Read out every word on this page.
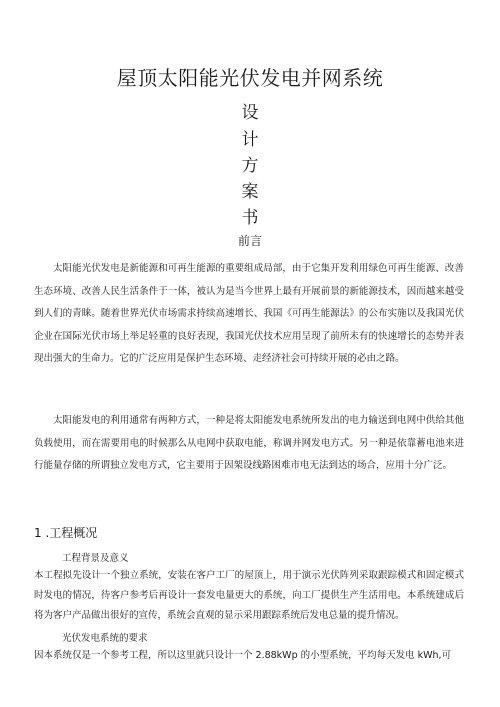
屋顶太阳能光伏发电并网系统
设
计
方
案
书
前言

太阳能光伏发电是新能源和可再生能源的重要组成局部，由于它集开发利用绿色可再生能源、改善生态环境、改善人民生活条件于一体，被认为是当今世界上最有开展前景的新能源技术，因而越来越受到人们的青睐。随着世界光伏市场需求持续高速增长、我国《可再生能源法》的公布实施以及我国光伏企业在国际光伏市场上举足轻重的良好表现，我国光伏技术应用呈现了前所未有的快速增长的态势并表现出强大的生命力。它的广泛应用是保护生态环境、走经济社会可持续开展的必由之路。

太阳能发电的利用通常有两种方式，一种是将太阳能发电系统所发出的电力输送到电网中供给其他负载使用，而在需要用电的时候那么从电网中获取电能，称调并网发电方式。另一种是依靠蓄电池来进行能量存储的所谓独立发电方式，它主要用于因架设线路困难市电无法到达的场合，应用十分广泛。

1 .工程概况
工程背景及意义

本工程拟先设计一个独立系统，安装在客户工厂的屋顶上，用于演示光伏阵列采取跟踪模式和固定模式时发电的情况，待客户参考后再设计一套发电量更大的系统，向工厂提供生产生活用电。本系统建成后将为客户产品做出很好的宣传，系统会直观的显示采用跟踪系统后发电总量的提升情况。

光伏发电系统的要求

因本系统仅是一个参考工程，所以这里就只设计一个 2.88kWp 的小型系统，平均每天发电 kWh,可
